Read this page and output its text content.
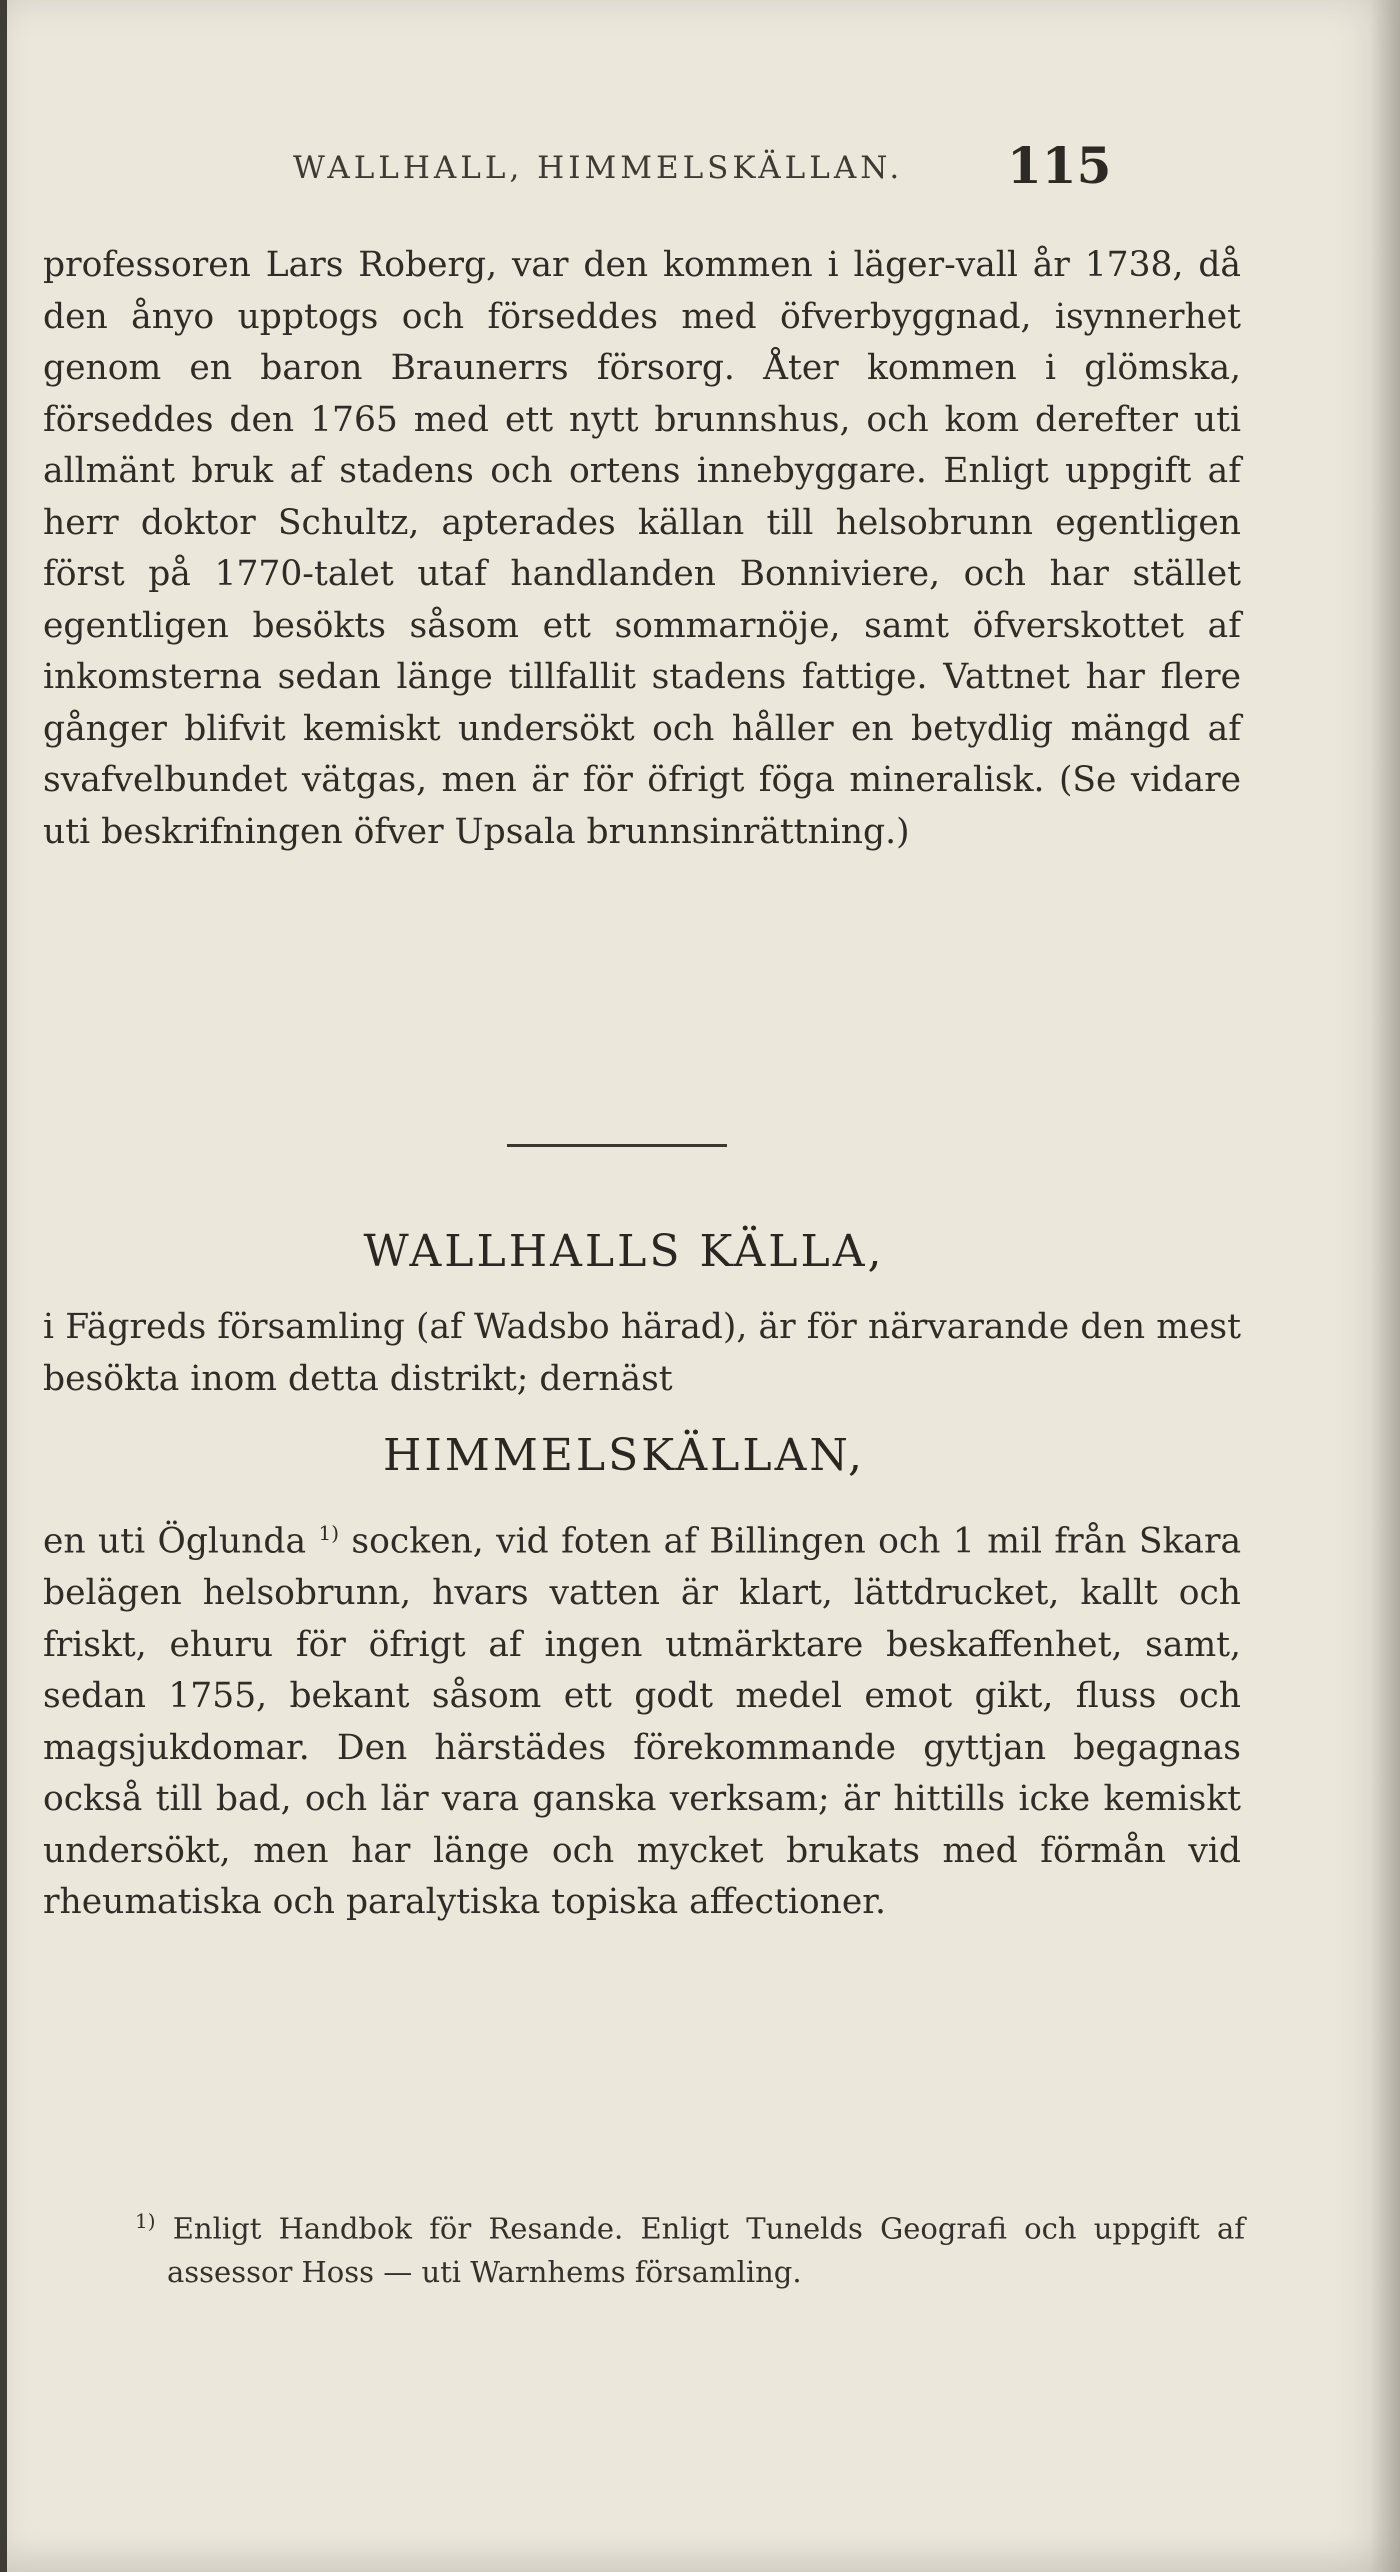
WALLHALL, HIMMELSKÄLLAN. 115

professoren Lars Roberg, var den kommen i läger-vall år 1738, då den ånyo upptogs och förseddes med öfverbyggnad, isynnerhet genom en baron Braunerrs försorg. Åter kommen i glömska, förseddes den 1765 med ett nytt brunnshus, och kom derefter uti allmänt bruk af stadens och ortens innebyggare. Enligt uppgift af herr doktor Schultz, apterades källan till helsobrunn egentligen först på 1770-talet utaf handlanden Bonniviere, och har stället egentligen besökts såsom ett sommarnöje, samt öfverskottet af inkomsterna sedan länge tillfallit stadens fattige. Vattnet har flere gånger blifvit kemiskt undersökt och håller en betydlig mängd af svafvelbundet vätgas, men är för öfrigt föga mineralisk. (Se vidare uti beskrifningen öfver Upsala brunnsinrättning.)

WALLHALLS KÄLLA,

i Fägreds församling (af Wadsbo härad), är för närvarande den mest besökta inom detta distrikt; dernäst

HIMMELSKÄLLAN,

en uti Öglunda $^{1)}$ socken, vid foten af Billingen och 1 mil från Skara belägen helsobrunn, hvars vatten är klart, lättdrucket, kallt och friskt, ehuru för öfrigt af ingen utmärktare beskaffenhet, samt, sedan 1755, bekant såsom ett godt medel emot gikt, fluss och magsjukdomar. Den härstädes förekommande gyttjan begagnas också till bad, och lär vara ganska verksam; är hittills icke kemiskt undersökt, men har länge och mycket brukats med förmån vid rheumatiska och paralytiska topiska affectioner.

$^{1)}$ Enligt Handbok för Resande. Enligt Tunelds Geografi och uppgift af assessor Hoss — uti Warnhems församling.
